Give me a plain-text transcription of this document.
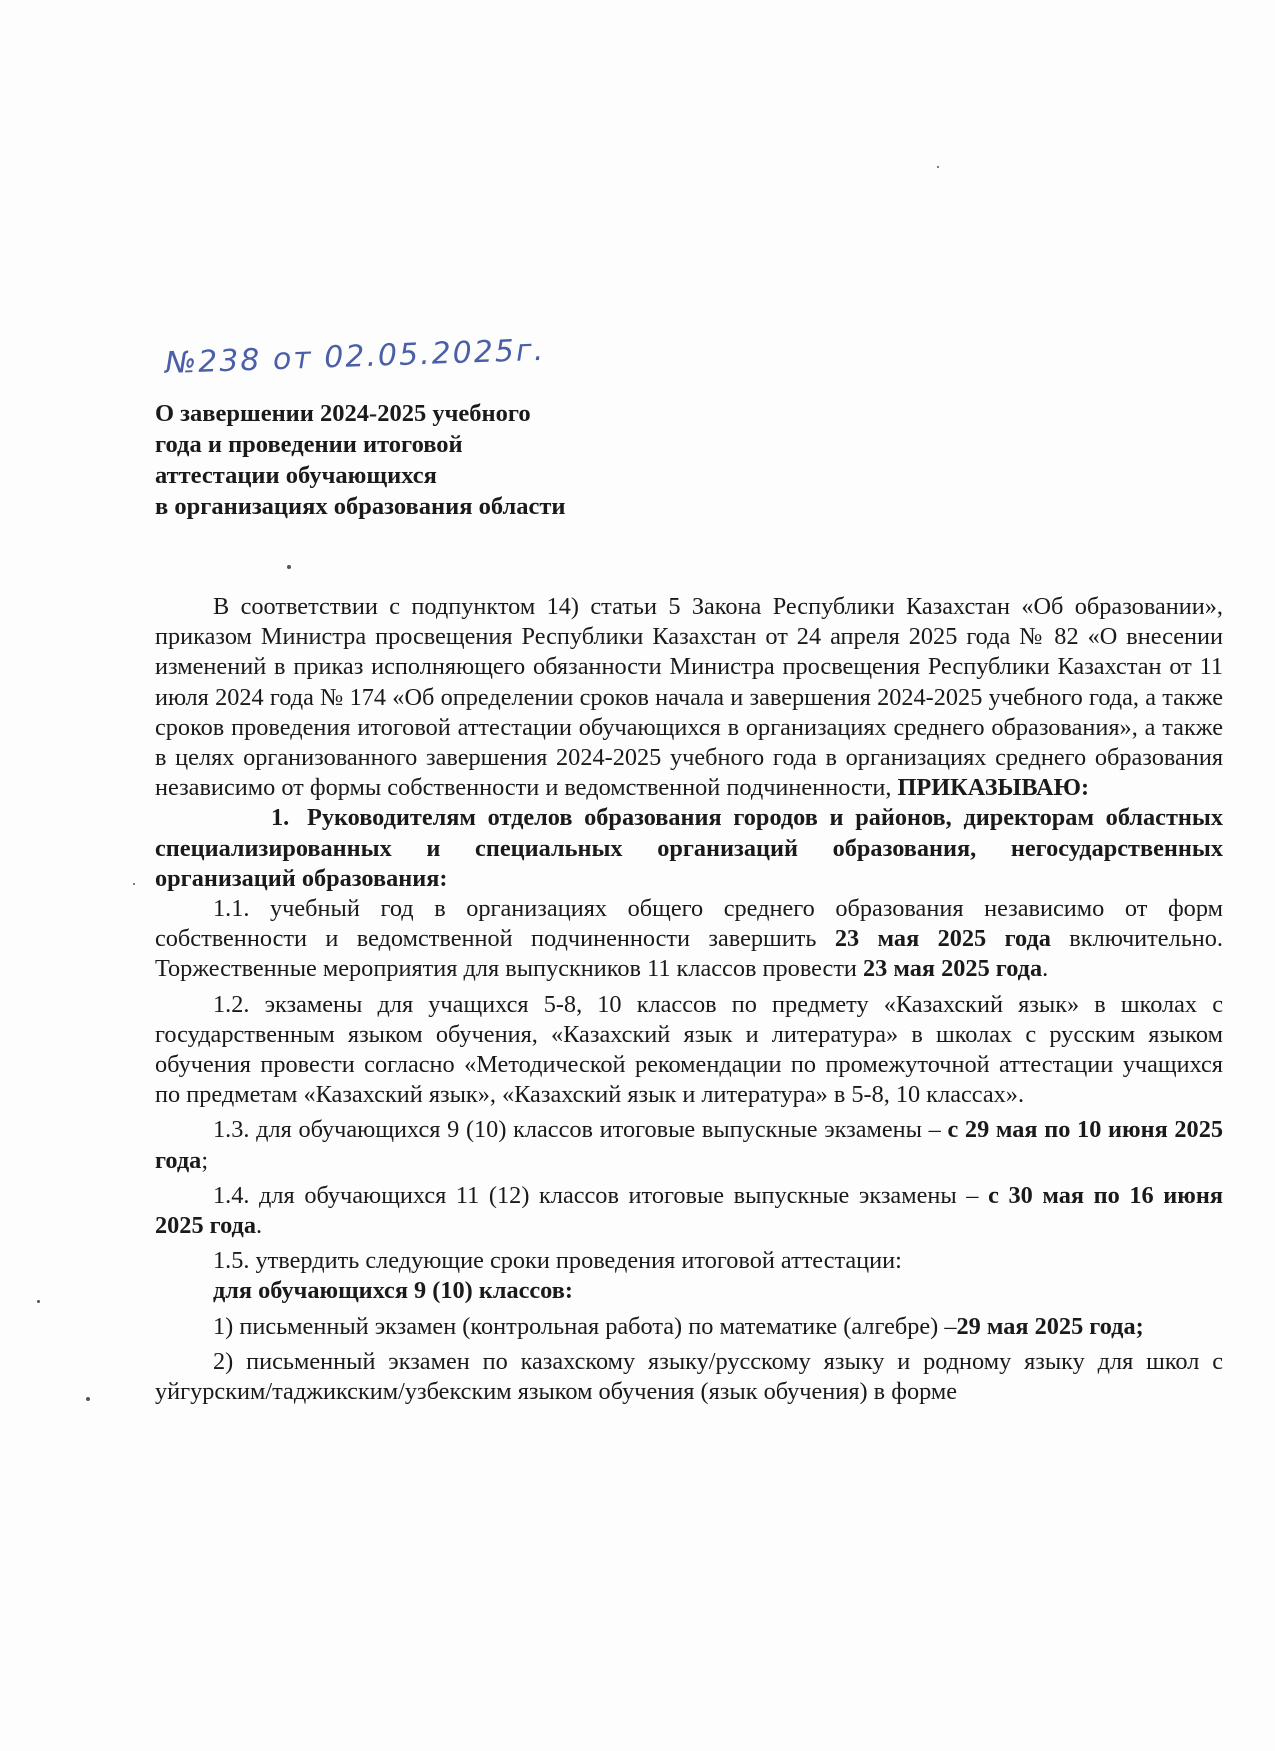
№238 от 02.05.2025г.
О завершении 2024-2025 учебного
года и проведении итоговой
аттестации обучающихся
в организациях образования области

В соответствии с подпунктом 14) статьи 5 Закона Республики Казахстан «Об образовании», приказом Министра просвещения Республики Казахстан от 24 апреля 2025 года № 82 «О внесении изменений в приказ исполняющего обязанности Министра просвещения Республики Казахстан от 11 июля 2024 года № 174 «Об определении сроков начала и завершения 2024-2025 учебного года, а также сроков проведения итоговой аттестации обучающихся в организациях среднего образования», а также в целях организованного завершения 2024-2025 учебного года в организациях среднего образования независимо от формы собственности и ведомственной подчиненности, ПРИКАЗЫВАЮ:

1. Руководителям отделов образования городов и районов, директорам областных специализированных и специальных организаций образования, негосударственных организаций образования:

1.1. учебный год в организациях общего среднего образования независимо от форм собственности и ведомственной подчиненности завершить 23 мая 2025 года включительно. Торжественные мероприятия для выпускников 11 классов провести 23 мая 2025 года.

1.2. экзамены для учащихся 5-8, 10 классов по предмету «Казахский язык» в школах с государственным языком обучения, «Казахский язык и литература» в школах с русским языком обучения провести согласно «Методической рекомендации по промежуточной аттестации учащихся по предметам «Казахский язык», «Казахский язык и литература» в 5-8, 10 классах».

1.3. для обучающихся 9 (10) классов итоговые выпускные экзамены – с 29 мая по 10 июня 2025 года;

1.4. для обучающихся 11 (12) классов итоговые выпускные экзамены – с 30 мая по 16 июня 2025 года.

1.5. утвердить следующие сроки проведения итоговой аттестации:

для обучающихся 9 (10) классов:

1) письменный экзамен (контрольная работа) по математике (алгебре) –29 мая 2025 года;

2) письменный экзамен по казахскому языку/русскому языку и родному языку для школ с уйгурским/таджикским/узбекским языком обучения (язык обучения) в форме
